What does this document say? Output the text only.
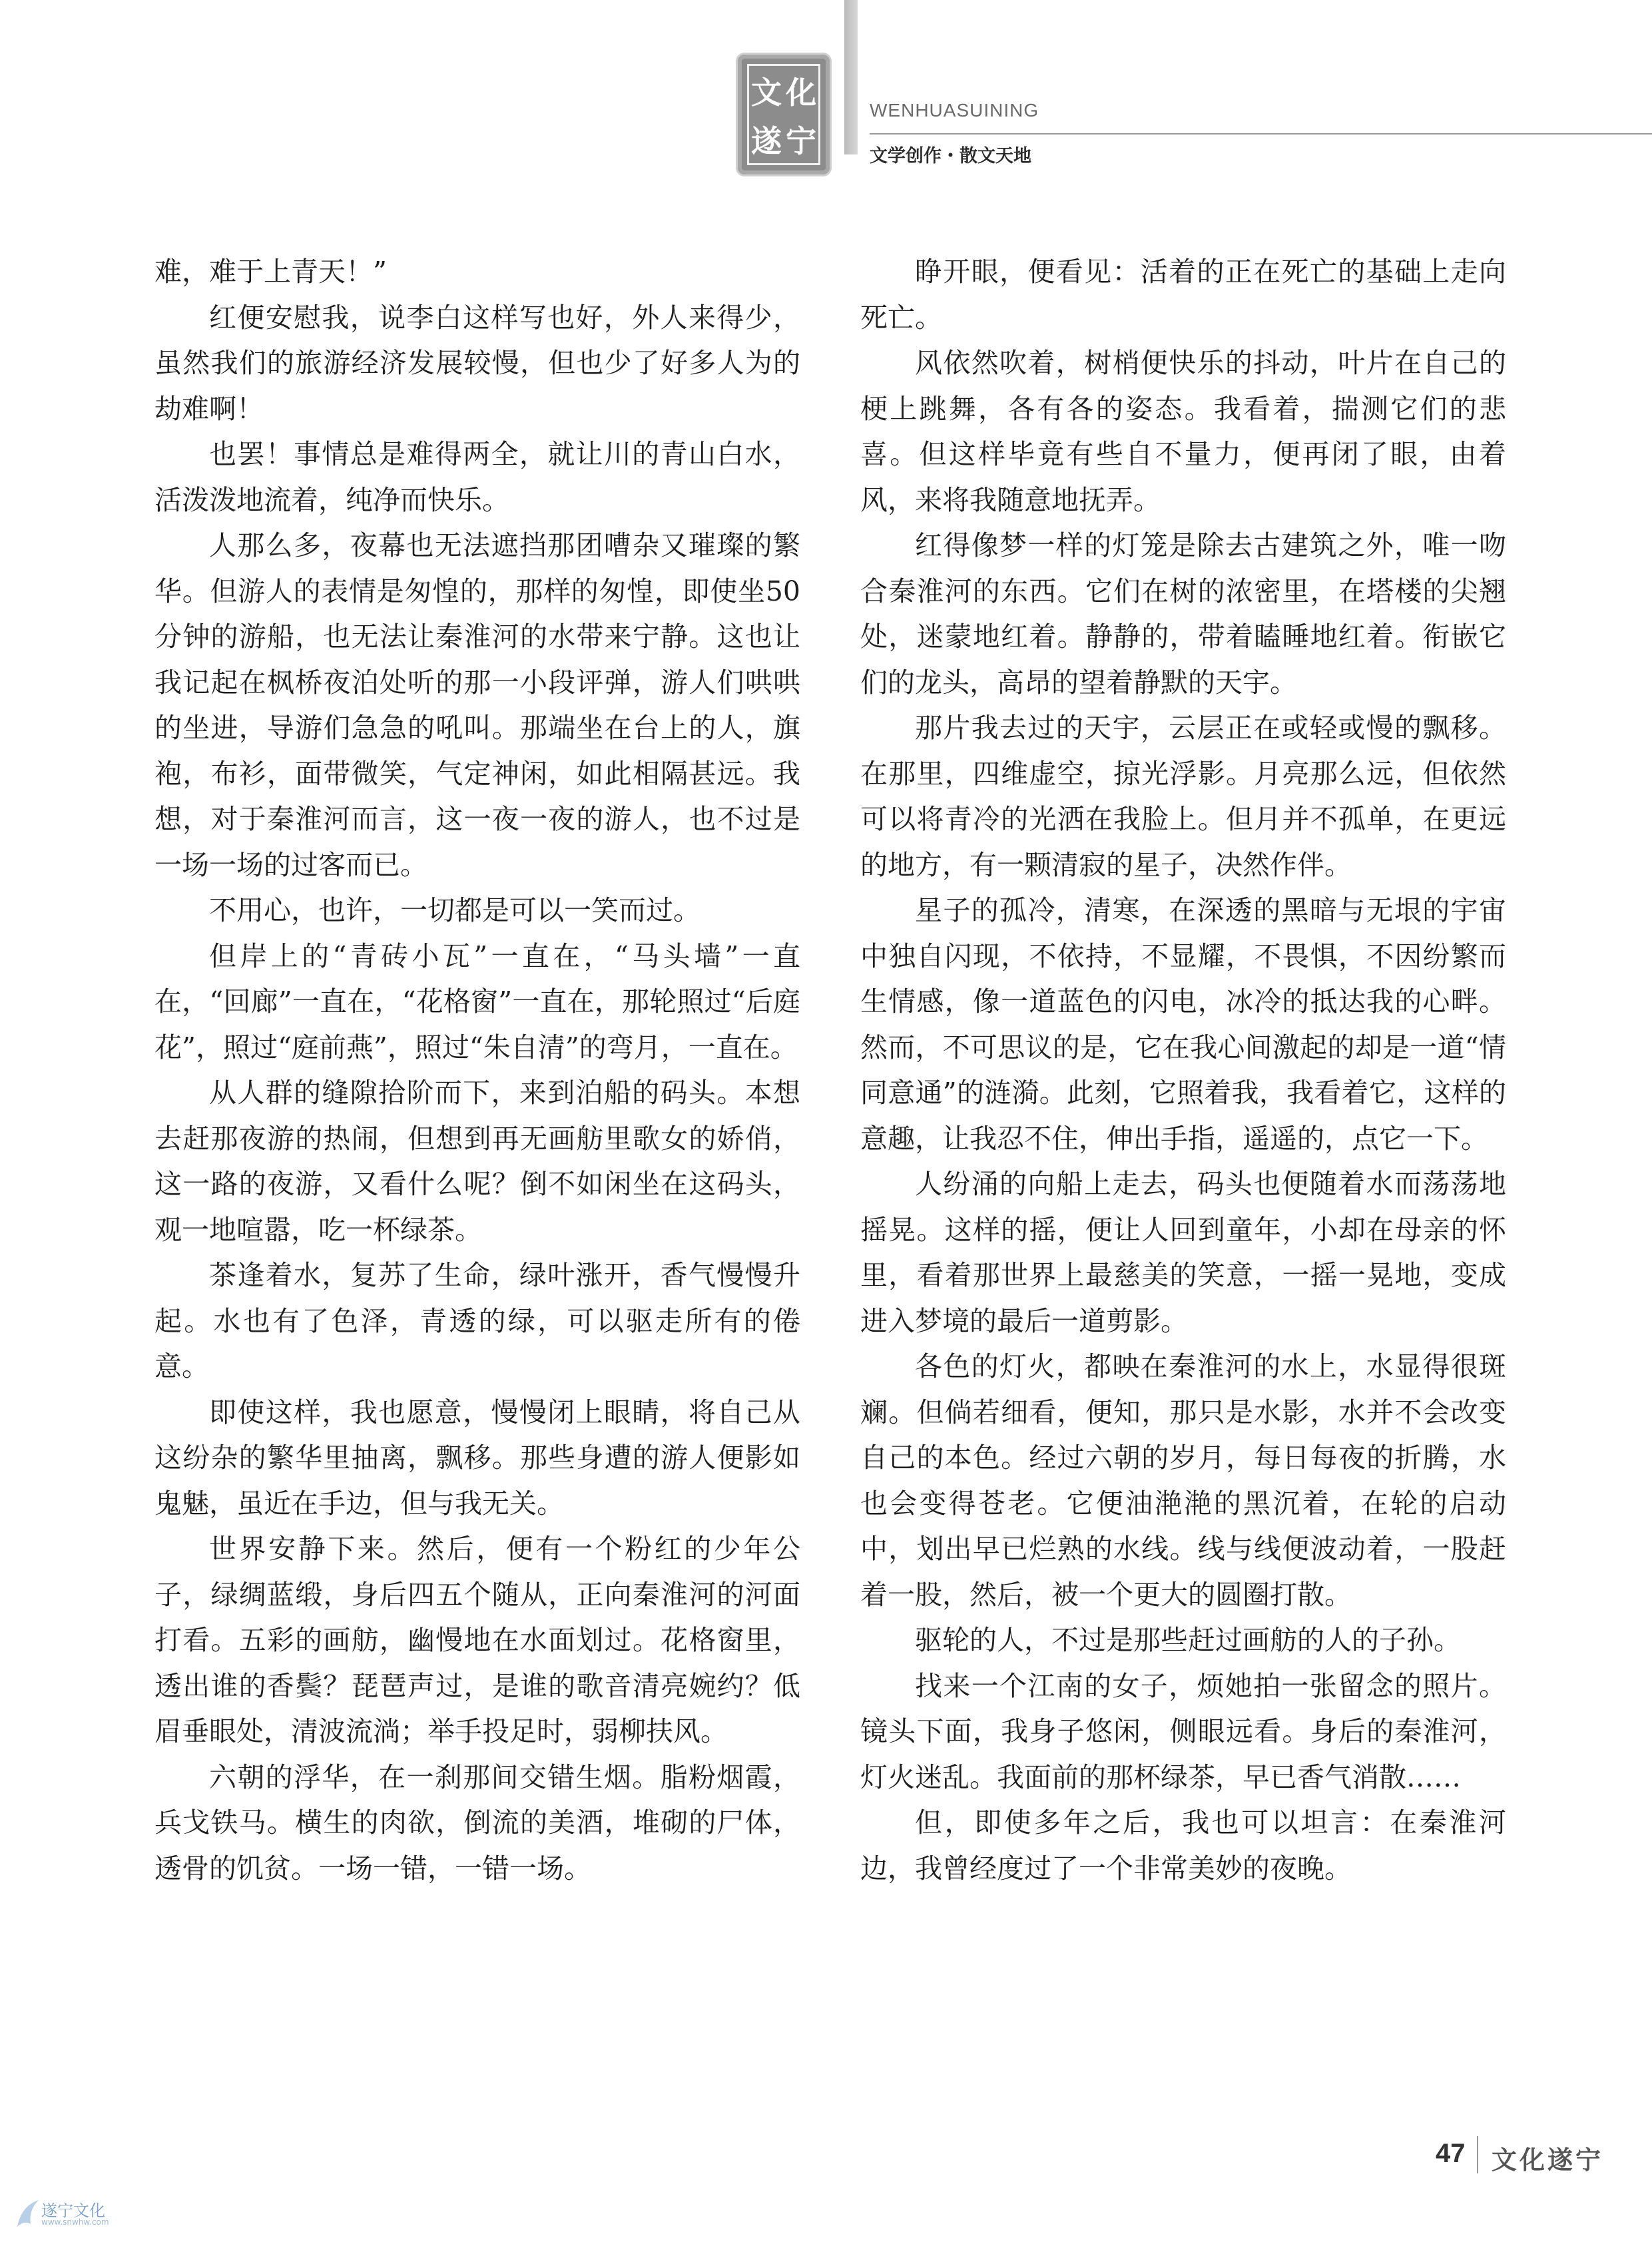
文 化
遂 宁
WENHUASUINING
文学创作・散文天地

难，难于上青天！”

红便安慰我，说李白这样写也好，外人来得少，虽然我们的旅游经济发展较慢，但也少了好多人为的劫难啊！

也罢！事情总是难得两全，就让川的青山白水，活泼泼地流着，纯净而快乐。

人那么多，夜幕也无法遮挡那团嘈杂又璀璨的繁华。但游人的表情是匆惶的，那样的匆惶，即使坐50分钟的游船，也无法让秦淮河的水带来宁静。这也让我记起在枫桥夜泊处听的那一小段评弹，游人们哄哄的坐进，导游们急急的吼叫。那端坐在台上的人，旗袍，布衫，面带微笑，气定神闲，如此相隔甚远。我想，对于秦淮河而言，这一夜一夜的游人，也不过是一场一场的过客而已。

不用心，也许，一切都是可以一笑而过。

但岸上的“青砖小瓦”一直在，“马头墙”一直在，“回廊”一直在，“花格窗”一直在，那轮照过“后庭花”，照过“庭前燕”，照过“朱自清”的弯月，一直在。

从人群的缝隙拾阶而下，来到泊船的码头。本想去赶那夜游的热闹，但想到再无画舫里歌女的娇俏，这一路的夜游，又看什么呢？倒不如闲坐在这码头，观一地喧嚣，吃一杯绿茶。

茶逢着水，复苏了生命，绿叶涨开，香气慢慢升起。水也有了色泽，青透的绿，可以驱走所有的倦意。

即使这样，我也愿意，慢慢闭上眼睛，将自己从这纷杂的繁华里抽离，飘移。那些身遭的游人便影如鬼魅，虽近在手边，但与我无关。

世界安静下来。然后，便有一个粉红的少年公子，绿绸蓝缎，身后四五个随从，正向秦淮河的河面打看。五彩的画舫，幽慢地在水面划过。花格窗里，透出谁的香鬓？琵琶声过，是谁的歌音清亮婉约？低眉垂眼处，清波流淌；举手投足时，弱柳扶风。

六朝的浮华，在一刹那间交错生烟。脂粉烟霞，兵戈铁马。横生的肉欲，倒流的美酒，堆砌的尸体，透骨的饥贫。一场一错，一错一场。

睁开眼，便看见：活着的正在死亡的基础上走向死亡。

风依然吹着，树梢便快乐的抖动，叶片在自己的梗上跳舞，各有各的姿态。我看着，揣测它们的悲喜。但这样毕竟有些自不量力，便再闭了眼，由着风，来将我随意地抚弄。

红得像梦一样的灯笼是除去古建筑之外，唯一吻合秦淮河的东西。它们在树的浓密里，在塔楼的尖翘处，迷蒙地红着。静静的，带着瞌睡地红着。衔嵌它们的龙头，高昂的望着静默的天宇。

那片我去过的天宇，云层正在或轻或慢的飘移。在那里，四维虚空，掠光浮影。月亮那么远，但依然可以将青冷的光洒在我脸上。但月并不孤单，在更远的地方，有一颗清寂的星子，决然作伴。

星子的孤冷，清寒，在深透的黑暗与无垠的宇宙中独自闪现，不依持，不显耀，不畏惧，不因纷繁而生情感，像一道蓝色的闪电，冰冷的抵达我的心畔。然而，不可思议的是，它在我心间激起的却是一道“情同意通”的涟漪。此刻，它照着我，我看着它，这样的意趣，让我忍不住，伸出手指，遥遥的，点它一下。

人纷涌的向船上走去，码头也便随着水而荡荡地摇晃。这样的摇，便让人回到童年，小却在母亲的怀里，看着那世界上最慈美的笑意，一摇一晃地，变成进入梦境的最后一道剪影。

各色的灯火，都映在秦淮河的水上，水显得很斑斓。但倘若细看，便知，那只是水影，水并不会改变自己的本色。经过六朝的岁月，每日每夜的折腾，水也会变得苍老。它便油滟滟的黑沉着，在轮的启动中，划出早已烂熟的水线。线与线便波动着，一股赶着一股，然后，被一个更大的圆圈打散。

驱轮的人，不过是那些赶过画舫的人的子孙。

找来一个江南的女子，烦她拍一张留念的照片。镜头下面，我身子悠闲，侧眼远看。身后的秦淮河，灯火迷乱。我面前的那杯绿茶，早已香气消散……

但，即使多年之后，我也可以坦言：在秦淮河边，我曾经度过了一个非常美妙的夜晚。

47 文化遂宁
遂宁文化
www.snwhw.com
